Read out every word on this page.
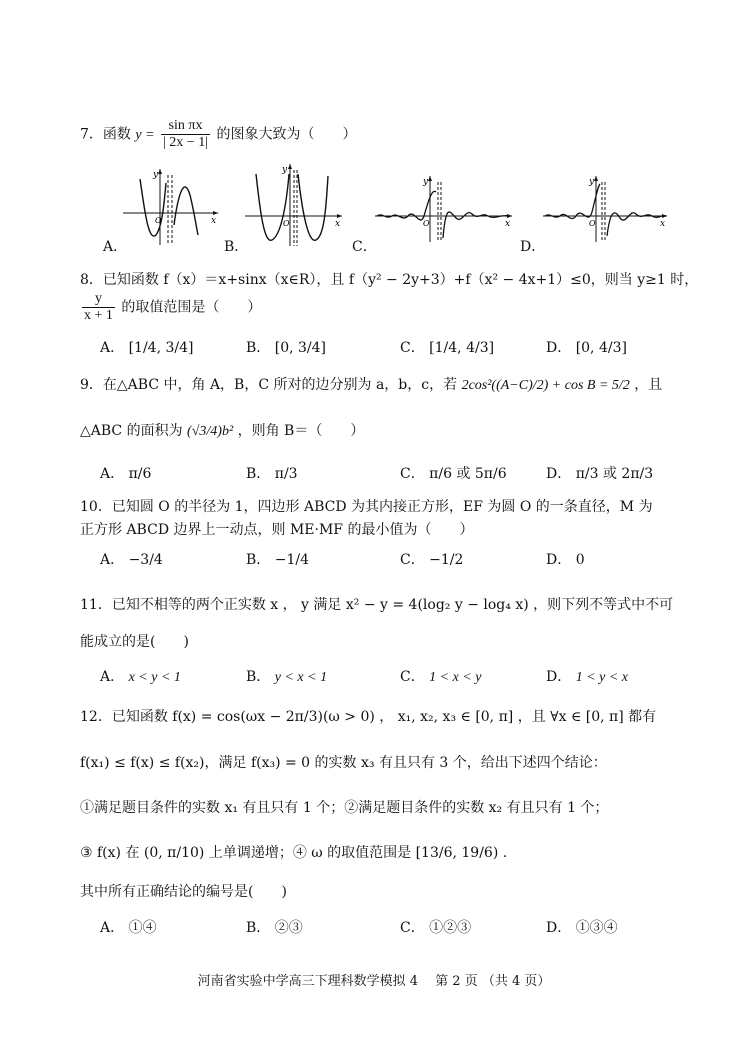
7．函数 $y = \frac{\text{sin πx}}{| 2x - 1|}$ 的图象大致为（　　）
y
x
O
A．
y
x
O
B．
y
x
O
C．
y
x
O
D．
8．已知函数 f（x）＝x+sinx（x∈R），且 f（y² − 2y+3）+f（x² − 4x+1）≤0，则当 y≥1 时，
$\frac{y}{x + 1}$ 的取值范围是（　　）
A． [1/4, 3/4]	B． [0, 3/4]	C． [1/4, 4/3]	D． [0, 4/3]
9．在△ABC 中，角 A，B，C 所对的边分别为 a，b，c，若 2cos²((A−C)/2) + cos B = 5/2 ，且
△ABC 的面积为 (√3/4)b² ，则角 B＝（　　）
A． π/6	B． π/3	C． π/6 或 5π/6	D． π/3 或 2π/3
10．已知圆 O 的半径为 1，四边形 ABCD 为其内接正方形，EF 为圆 O 的一条直径，M 为
正方形 ABCD 边界上一动点，则 ME·MF 的最小值为（　　）
A． −3/4	B． −1/4	C． −1/2	D． 0
11．已知不相等的两个正实数 x ， y 满足 x² − y = 4(log₂ y − log₄ x) ，则下列不等式中不可
能成立的是(　　)
A． x < y < 1	B． y < x < 1	C． 1 < x < y	D． 1 < y < x
12．已知函数 f(x) = cos(ωx − 2π/3)(ω > 0) ， x₁, x₂, x₃ ∈ [0, π] ，且 ∀x ∈ [0, π] 都有
f(x₁) ≤ f(x) ≤ f(x₂)，满足 f(x₃) = 0 的实数 x₃ 有且只有 3 个，给出下述四个结论：
①满足题目条件的实数 x₁ 有且只有 1 个；②满足题目条件的实数 x₂ 有且只有 1 个；
③ f(x) 在 (0, π/10) 上单调递增；④ ω 的取值范围是 [13/6, 19/6) .
其中所有正确结论的编号是(　　)
A． ①④	B． ②③	C． ①②③	D． ①③④
河南省实验中学高三下理科数学模拟 4　 第 2 页 （共 4 页）
